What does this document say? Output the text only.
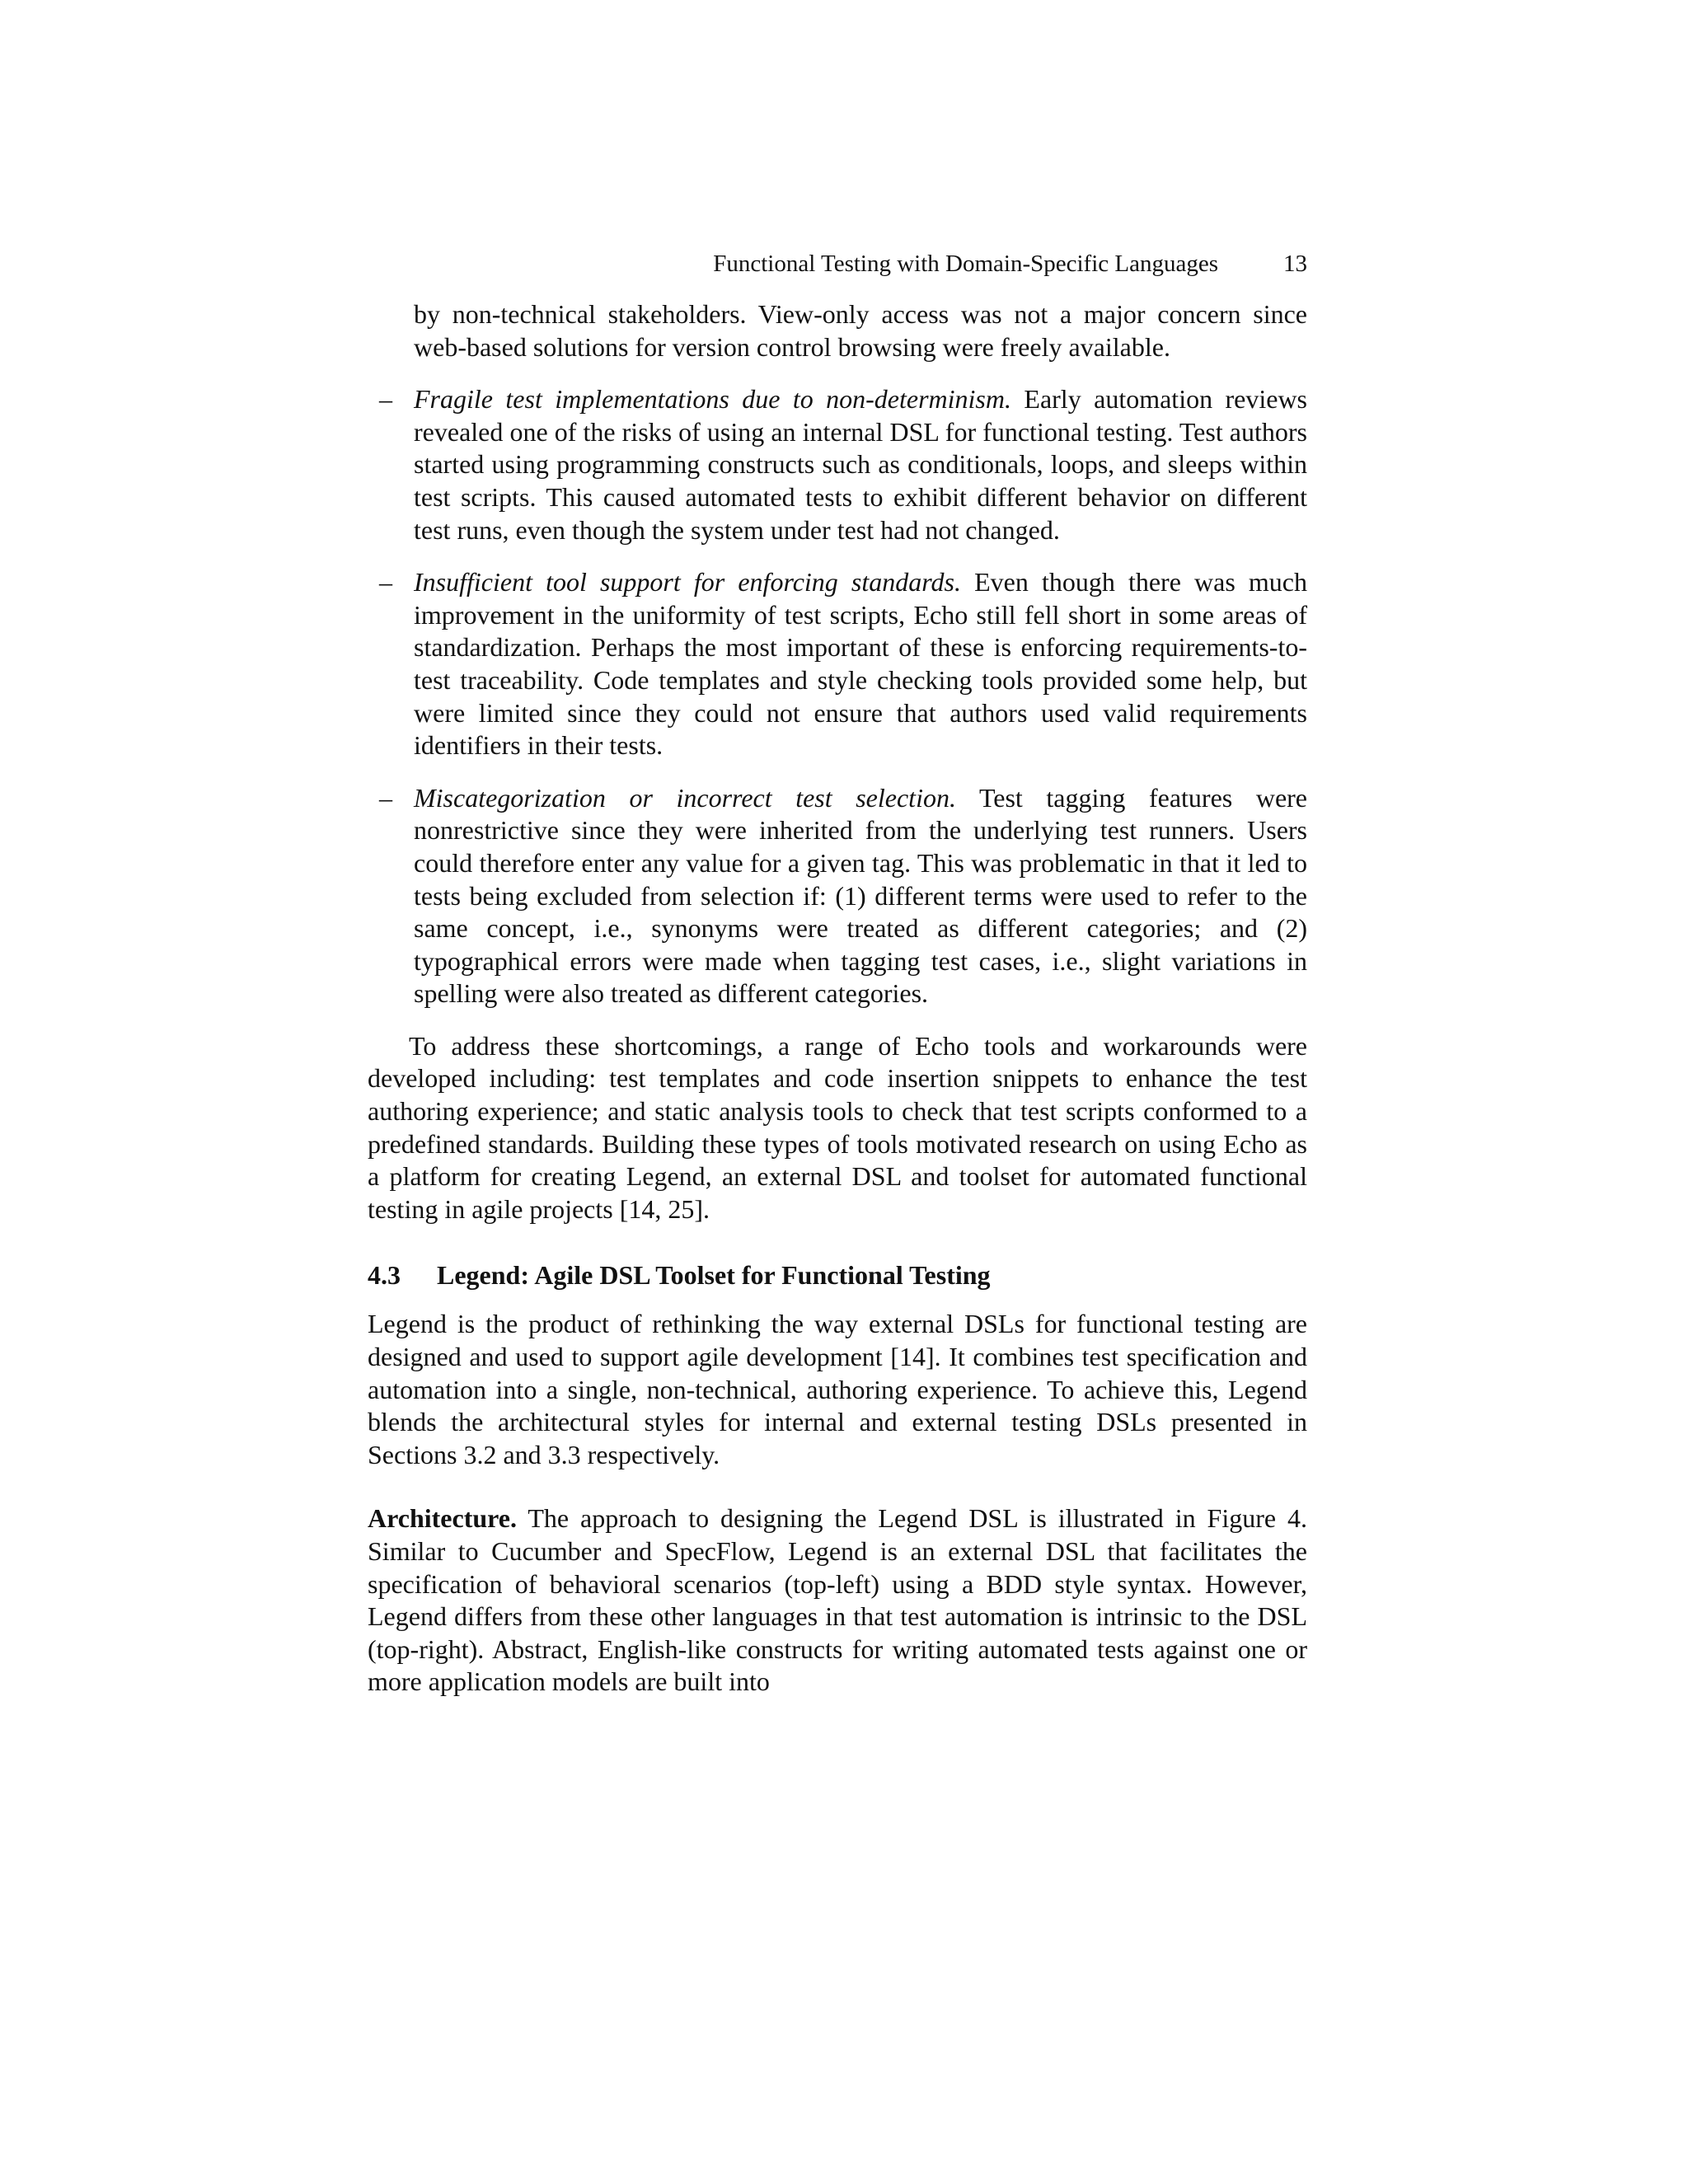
Functional Testing with Domain-Specific Languages	13

by non-technical stakeholders. View-only access was not a major concern since web-based solutions for version control browsing were freely available.

– Fragile test implementations due to non-determinism. Early automation reviews revealed one of the risks of using an internal DSL for functional testing. Test authors started using programming constructs such as conditionals, loops, and sleeps within test scripts. This caused automated tests to exhibit different behavior on different test runs, even though the system under test had not changed.

– Insufficient tool support for enforcing standards. Even though there was much improvement in the uniformity of test scripts, Echo still fell short in some areas of standardization. Perhaps the most important of these is enforcing requirements-to-test traceability. Code templates and style checking tools provided some help, but were limited since they could not ensure that authors used valid requirements identifiers in their tests.

– Miscategorization or incorrect test selection. Test tagging features were nonrestrictive since they were inherited from the underlying test runners. Users could therefore enter any value for a given tag. This was problematic in that it led to tests being excluded from selection if: (1) different terms were used to refer to the same concept, i.e., synonyms were treated as different categories; and (2) typographical errors were made when tagging test cases, i.e., slight variations in spelling were also treated as different categories.

To address these shortcomings, a range of Echo tools and workarounds were developed including: test templates and code insertion snippets to enhance the test authoring experience; and static analysis tools to check that test scripts conformed to a predefined standards. Building these types of tools motivated research on using Echo as a platform for creating Legend, an external DSL and toolset for automated functional testing in agile projects [14, 25].

4.3 Legend: Agile DSL Toolset for Functional Testing

Legend is the product of rethinking the way external DSLs for functional testing are designed and used to support agile development [14]. It combines test specification and automation into a single, non-technical, authoring experience. To achieve this, Legend blends the architectural styles for internal and external testing DSLs presented in Sections 3.2 and 3.3 respectively.

Architecture. The approach to designing the Legend DSL is illustrated in Figure 4. Similar to Cucumber and SpecFlow, Legend is an external DSL that facilitates the specification of behavioral scenarios (top-left) using a BDD style syntax. However, Legend differs from these other languages in that test automation is intrinsic to the DSL (top-right). Abstract, English-like constructs for writing automated tests against one or more application models are built into
